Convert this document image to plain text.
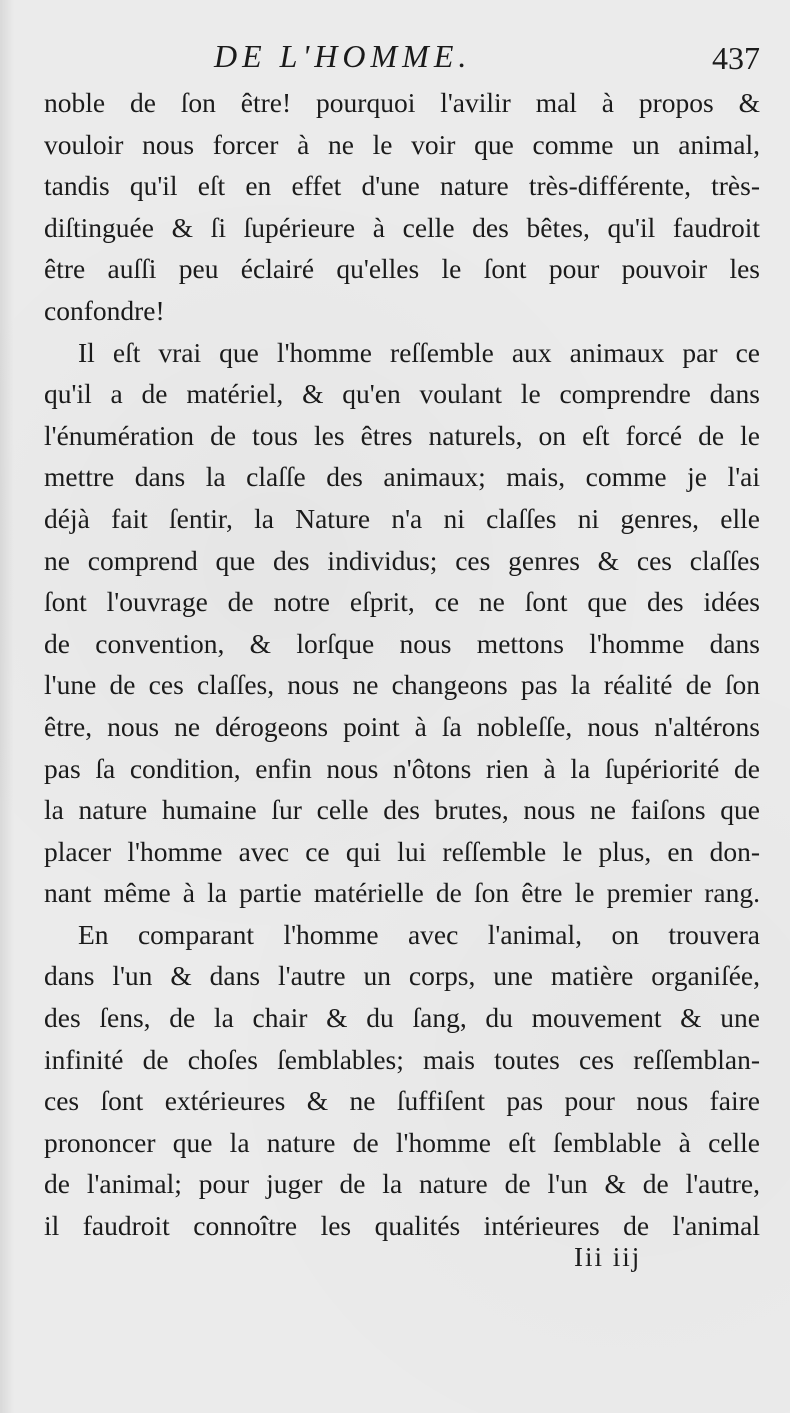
DE L'HOMME.	437
noble de ſon être! pourquoi l'avilir mal à propos &
vouloir nous forcer à ne le voir que comme un animal,
tandis qu'il eſt en effet d'une nature très-différente, très-
diſtinguée & ſi ſupérieure à celle des bêtes, qu'il faudroit
être auſſi peu éclairé qu'elles le ſont pour pouvoir les
confondre!
Il eſt vrai que l'homme reſſemble aux animaux par ce
qu'il a de matériel, & qu'en voulant le comprendre dans
l'énumération de tous les êtres naturels, on eſt forcé de le
mettre dans la claſſe des animaux; mais, comme je l'ai
déjà fait ſentir, la Nature n'a ni claſſes ni genres, elle
ne comprend que des individus; ces genres & ces claſſes
ſont l'ouvrage de notre eſprit, ce ne ſont que des idées
de convention, & lorſque nous mettons l'homme dans
l'une de ces claſſes, nous ne changeons pas la réalité de ſon
être, nous ne dérogeons point à ſa nobleſſe, nous n'altérons
pas ſa condition, enfin nous n'ôtons rien à la ſupériorité de
la nature humaine ſur celle des brutes, nous ne faiſons que
placer l'homme avec ce qui lui reſſemble le plus, en don-
nant même à la partie matérielle de ſon être le premier rang.
En comparant l'homme avec l'animal, on trouvera
dans l'un & dans l'autre un corps, une matière organiſée,
des ſens, de la chair & du ſang, du mouvement & une
infinité de choſes ſemblables; mais toutes ces reſſemblan-
ces ſont extérieures & ne ſuffiſent pas pour nous faire
prononcer que la nature de l'homme eſt ſemblable à celle
de l'animal; pour juger de la nature de l'un & de l'autre,
il faudroit connoître les qualités intérieures de l'animal
Iii iij
